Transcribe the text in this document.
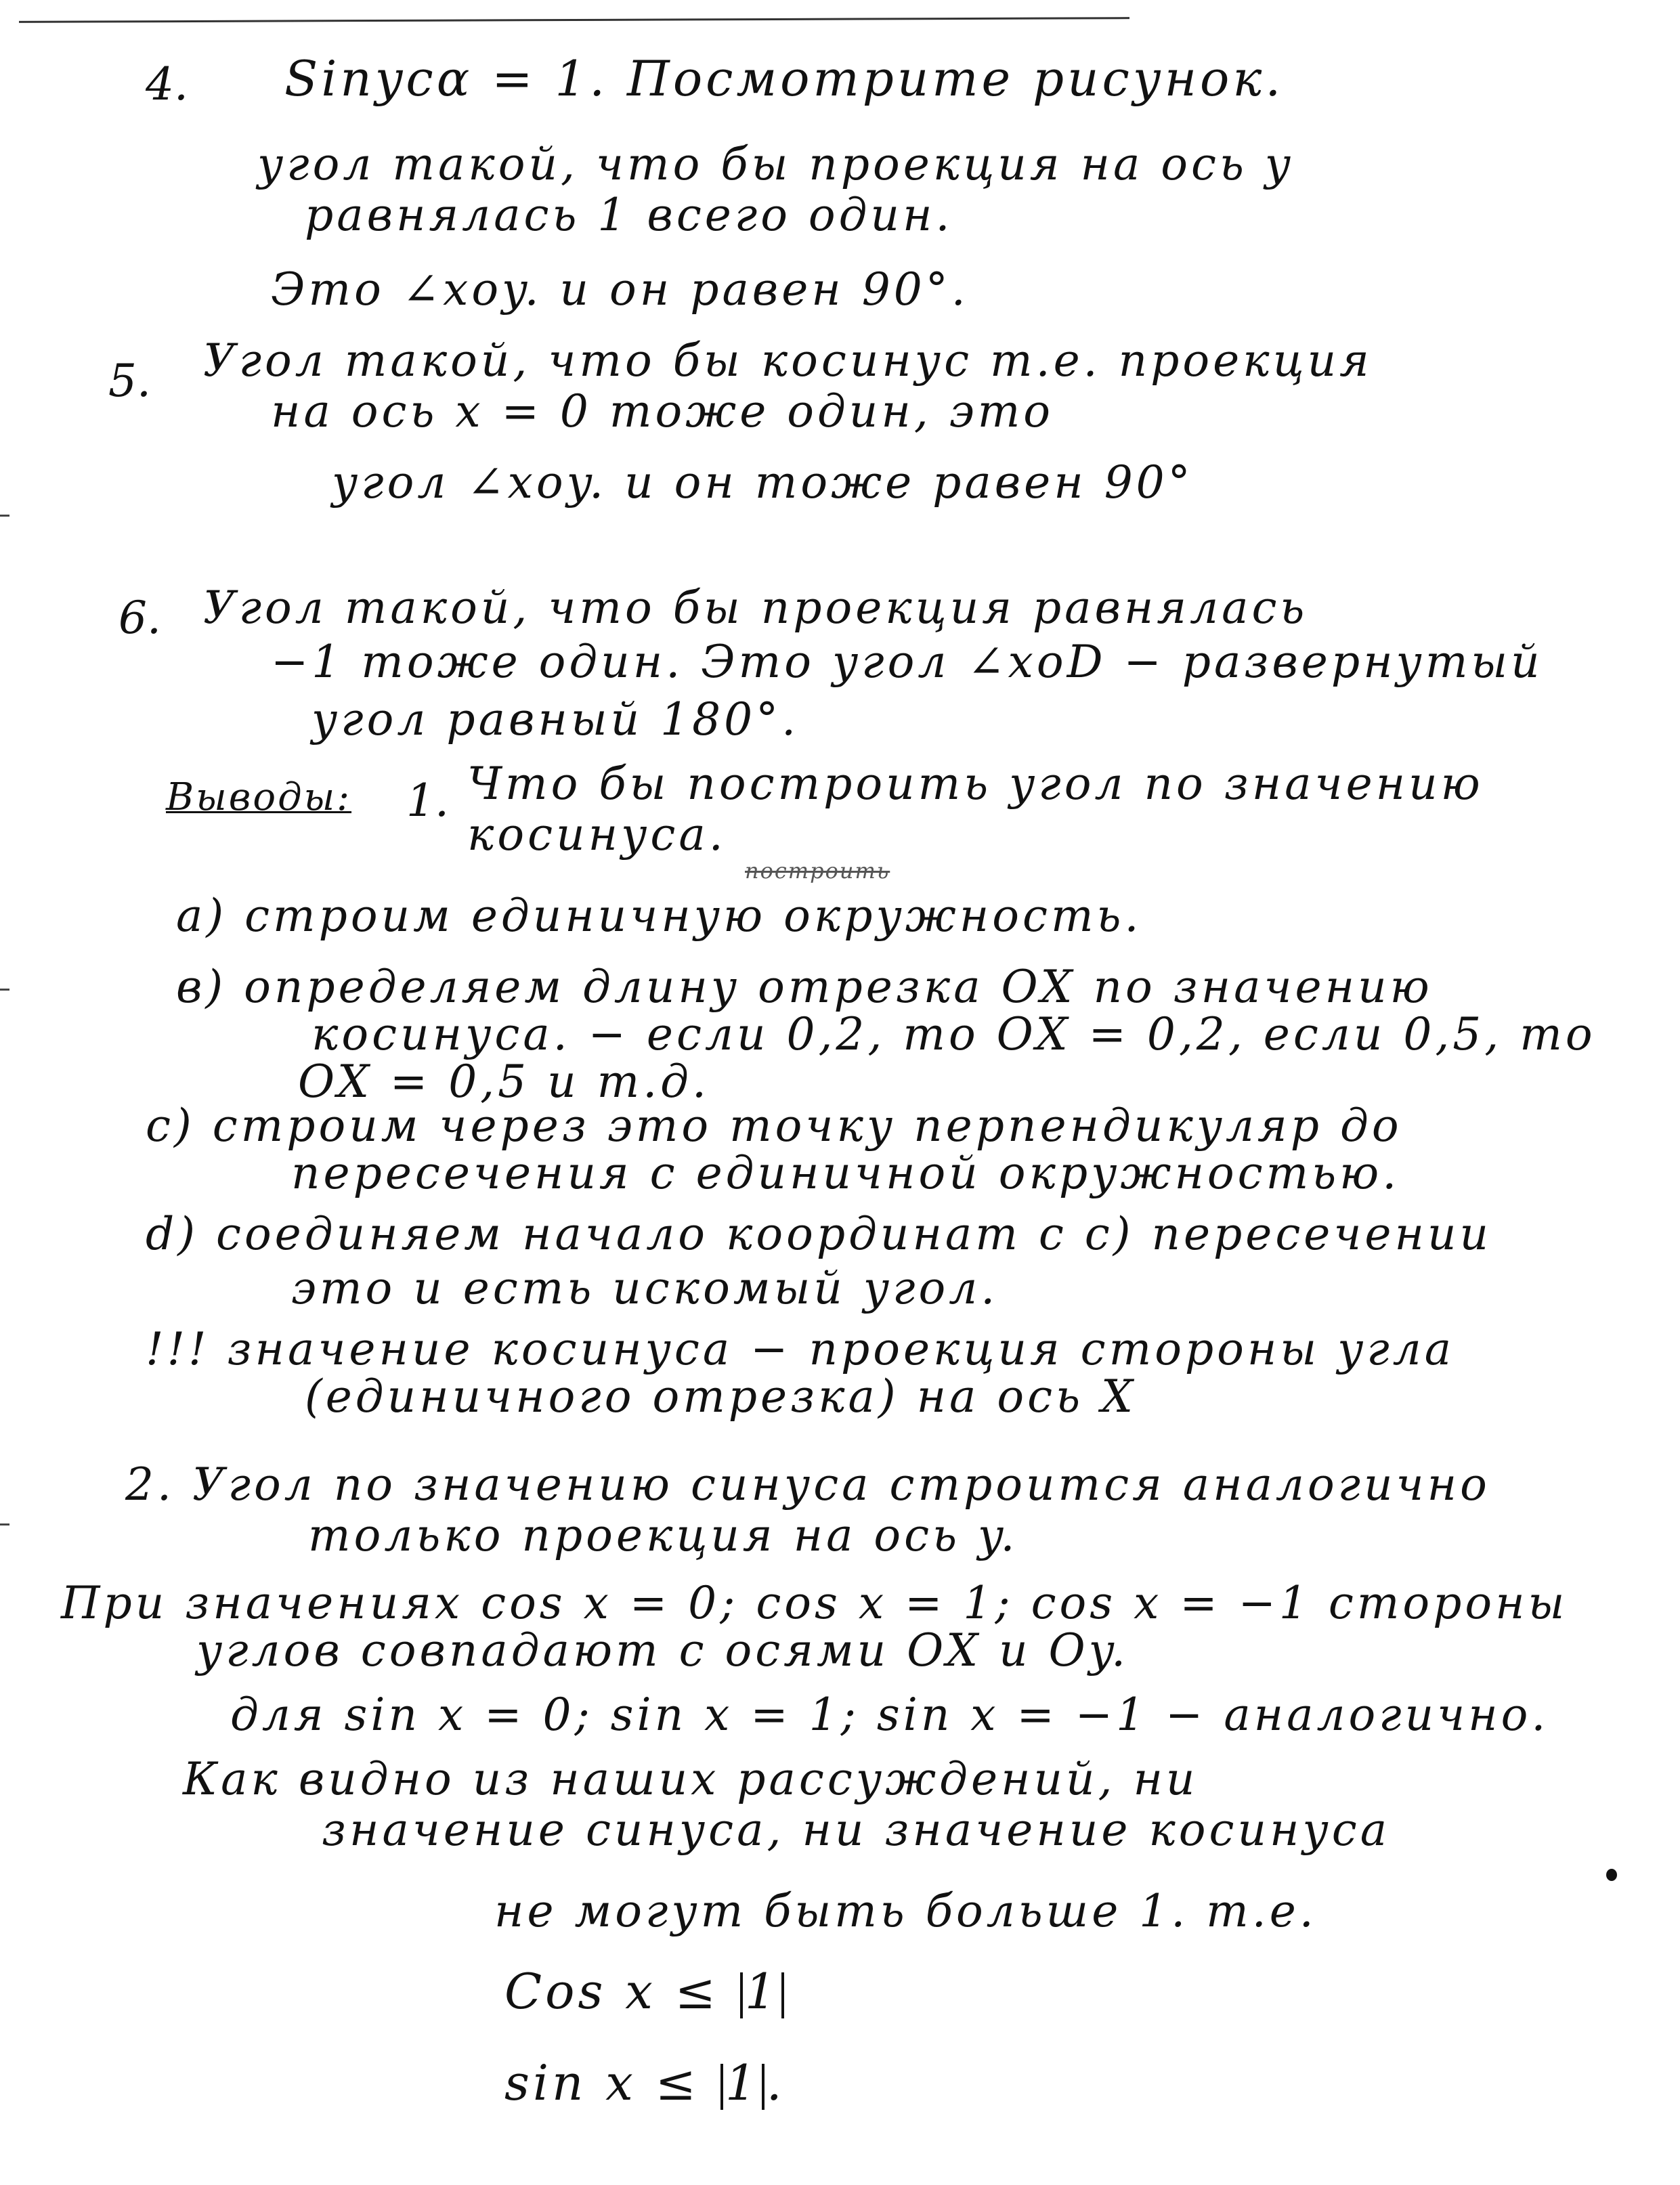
4. Sinycα = 1. Посмотрите рисунок.
угол такой, что бы проекция на ось y
равнялась 1 всего один.
Это ∠xoy. и он равен 90°.
5. Угол такой, что бы косинус т.е. проекция
на ось x = 0 тоже один, это
угол ∠xoy. и он тоже равен 90°
6. Угол такой, что бы проекция равнялась
−1 тоже один. Это угол ∠xoD − развернутый
угол равный 180°.
Выводы: 1. Что бы построить угол по значению
косинуса.
построить
а) строим единичную окружность.
в) определяем длину отрезка OX по значению
косинуса. − если 0,2, то OX = 0,2, если 0,5, то
OX = 0,5 и т.д.
с) строим через это точку перпендикуляр до
пересечения с единичной окружностью.
d) соединяем начало координат с с) пересечении
это и есть искомый угол.
!!! значение косинуса − проекция стороны угла
(единичного отрезка) на ось X
2. Угол по значению синуса строится аналогично
только проекция на ось y.
При значениях cos x = 0; cos x = 1; cos x = −1 стороны
углов совпадают с осями OX и Oy.
для sin x = 0; sin x = 1; sin x = −1 − аналогично.
Как видно из наших рассуждений, ни
значение синуса, ни значение косинуса
не могут быть больше 1. т.е.
Cos x ≤ 1
sin x ≤ 1 .
